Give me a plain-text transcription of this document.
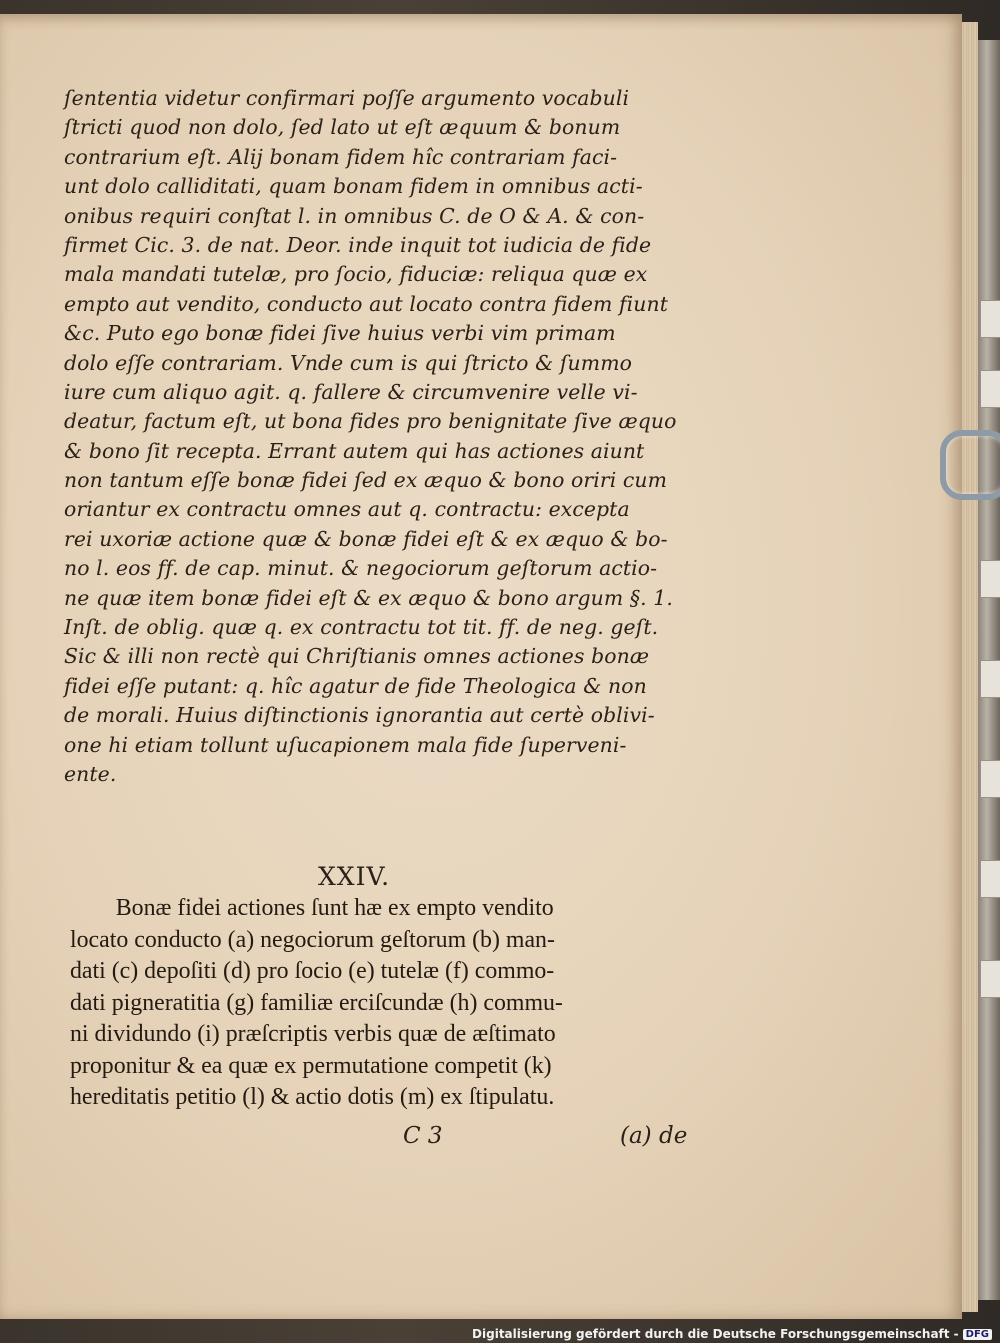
ſententia videtur confirmari poſſe argumento vocabuli
ſtricti quod non dolo, ſed lato ut eſt æquum & bonum
contrarium eſt. Alij bonam fidem hîc contrariam faci-
unt dolo calliditati, quam bonam fidem in omnibus acti-
onibus requiri conſtat l. in omnibus C. de O & A. & con-
firmet Cic. 3. de nat. Deor. inde inquit tot iudicia de fide
mala mandati tutelæ, pro ſocio, fiduciæ: reliqua quæ ex
empto aut vendito, conducto aut locato contra fidem fiunt
&c. Puto ego bonæ fidei ſive huius verbi vim primam
dolo eſſe contrariam. Vnde cum is qui ſtricto & ſummo
iure cum aliquo agit. q. fallere & circumvenire velle vi-
deatur, factum eſt, ut bona fides pro benignitate ſive æquo
& bono ſit recepta. Errant autem qui has actiones aiunt
non tantum eſſe bonæ fidei ſed ex æquo & bono oriri cum
oriantur ex contractu omnes aut q. contractu: excepta
rei uxoriæ actione quæ & bonæ fidei eſt & ex æquo & bo-
no l. eos ff. de cap. minut. & negociorum geſtorum actio-
ne quæ item bonæ fidei eſt & ex æquo & bono argum §. 1.
Inſt. de oblig. quæ q. ex contractu tot tit. ff. de neg. geſt.
Sic & illi non rectè qui Chriſtianis omnes actiones bonæ
fidei eſſe putant: q. hîc agatur de fide Theologica & non
de morali. Huius diſtinctionis ignorantia aut certè oblivi-
one hi etiam tollunt uſucapionem mala fide ſuperveni-
ente.
XXIV.
Bonæ fidei actiones ſunt hæ ex empto vendito
locato conducto (a) negociorum geſtorum (b) man-
dati (c) depoſiti (d) pro ſocio (e) tutelæ (f) commo-
dati pigneratitia (g) familiæ erciſcundæ (h) commu-
ni dividundo (i) præſcriptis verbis quæ de æſtimato
proponitur & ea quæ ex permutatione competit (k)
hereditatis petitio (l) & actio dotis (m) ex ſtipulatu.
C 3	(a) de
Digitalisierung gefördert durch die Deutsche Forschungsgemeinschaft - DFG
